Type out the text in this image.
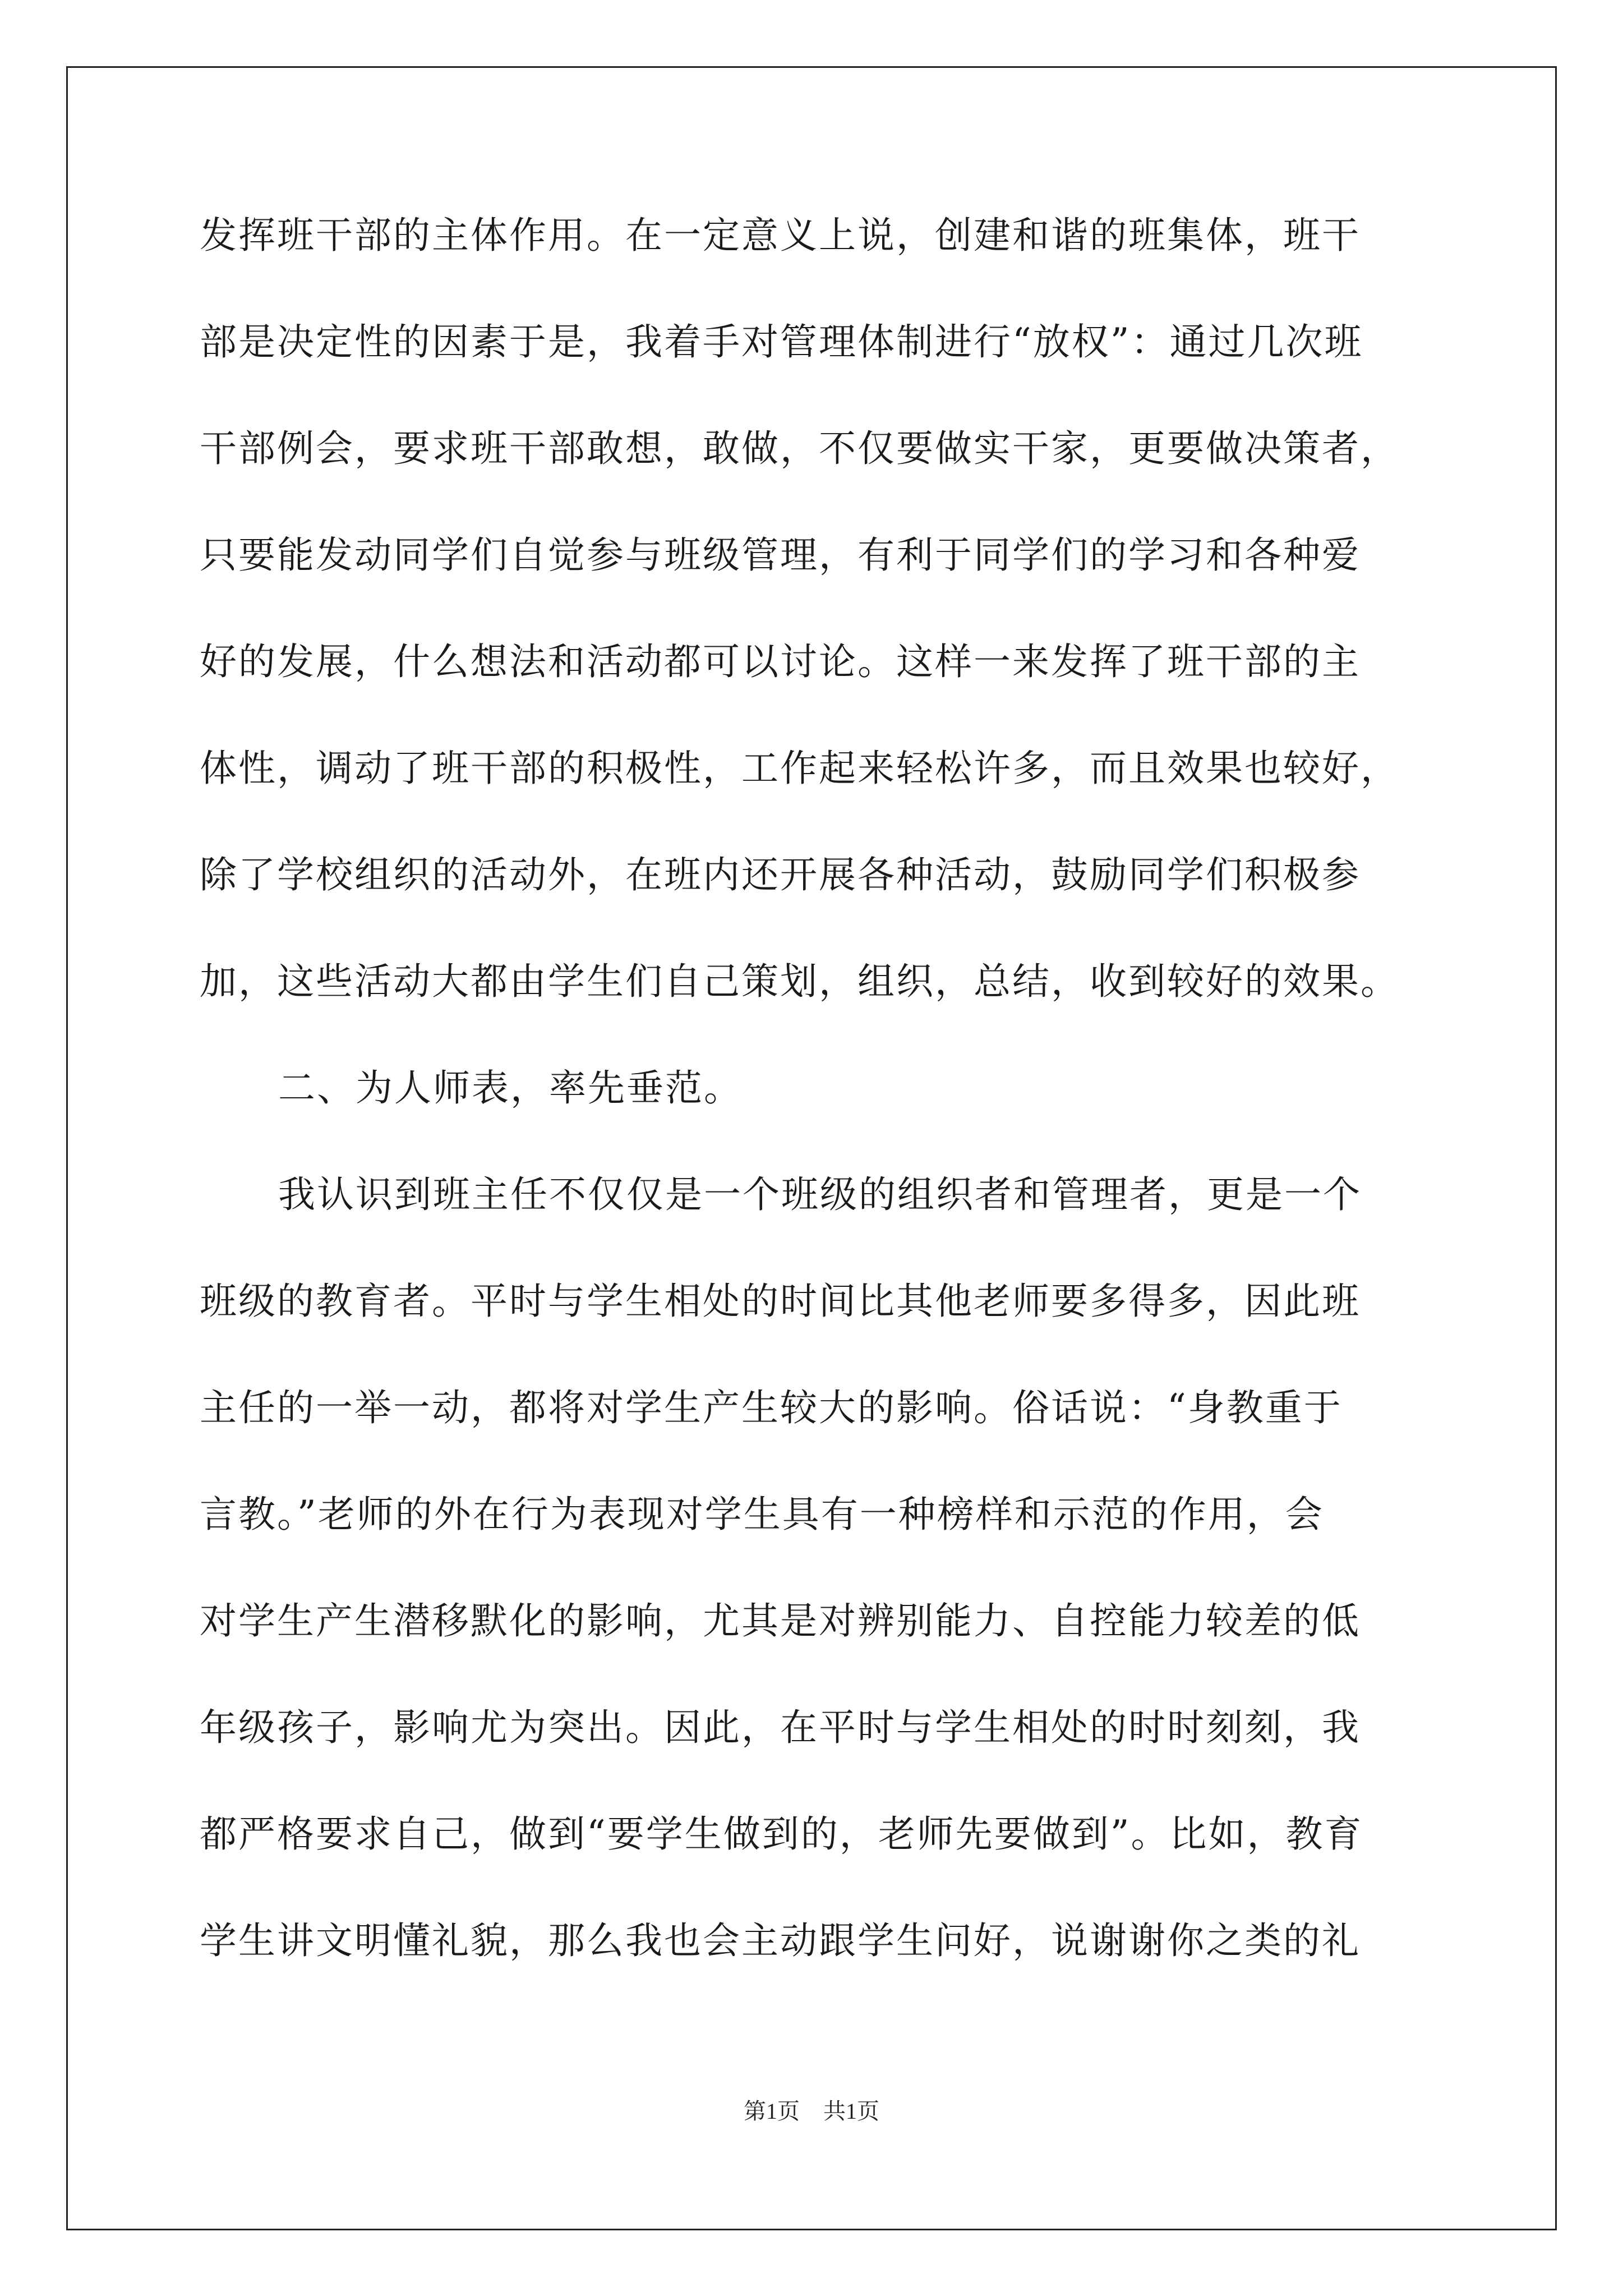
发挥班干部的主体作用。在一定意义上说，创建和谐的班集体，班干
部是决定性的因素于是，我着手对管理体制进行“放权”：通过几次班
干部例会，要求班干部敢想，敢做，不仅要做实干家，更要做决策者，
只要能发动同学们自觉参与班级管理，有利于同学们的学习和各种爱
好的发展，什么想法和活动都可以讨论。这样一来发挥了班干部的主
体性，调动了班干部的积极性，工作起来轻松许多，而且效果也较好，
除了学校组织的活动外，在班内还开展各种活动，鼓励同学们积极参
加，这些活动大都由学生们自己策划，组织，总结，收到较好的效果。
二、为人师表，率先垂范。
我认识到班主任不仅仅是一个班级的组织者和管理者，更是一个
班级的教育者。平时与学生相处的时间比其他老师要多得多，因此班
主任的一举一动，都将对学生产生较大的影响。俗话说：“身教重于
言教。”老师的外在行为表现对学生具有一种榜样和示范的作用，会
对学生产生潜移默化的影响，尤其是对辨别能力、自控能力较差的低
年级孩子，影响尤为突出。因此，在平时与学生相处的时时刻刻，我
都严格要求自己，做到“要学生做到的，老师先要做到”。比如，教育
学生讲文明懂礼貌，那么我也会主动跟学生问好，说谢谢你之类的礼
第1页 共1页
